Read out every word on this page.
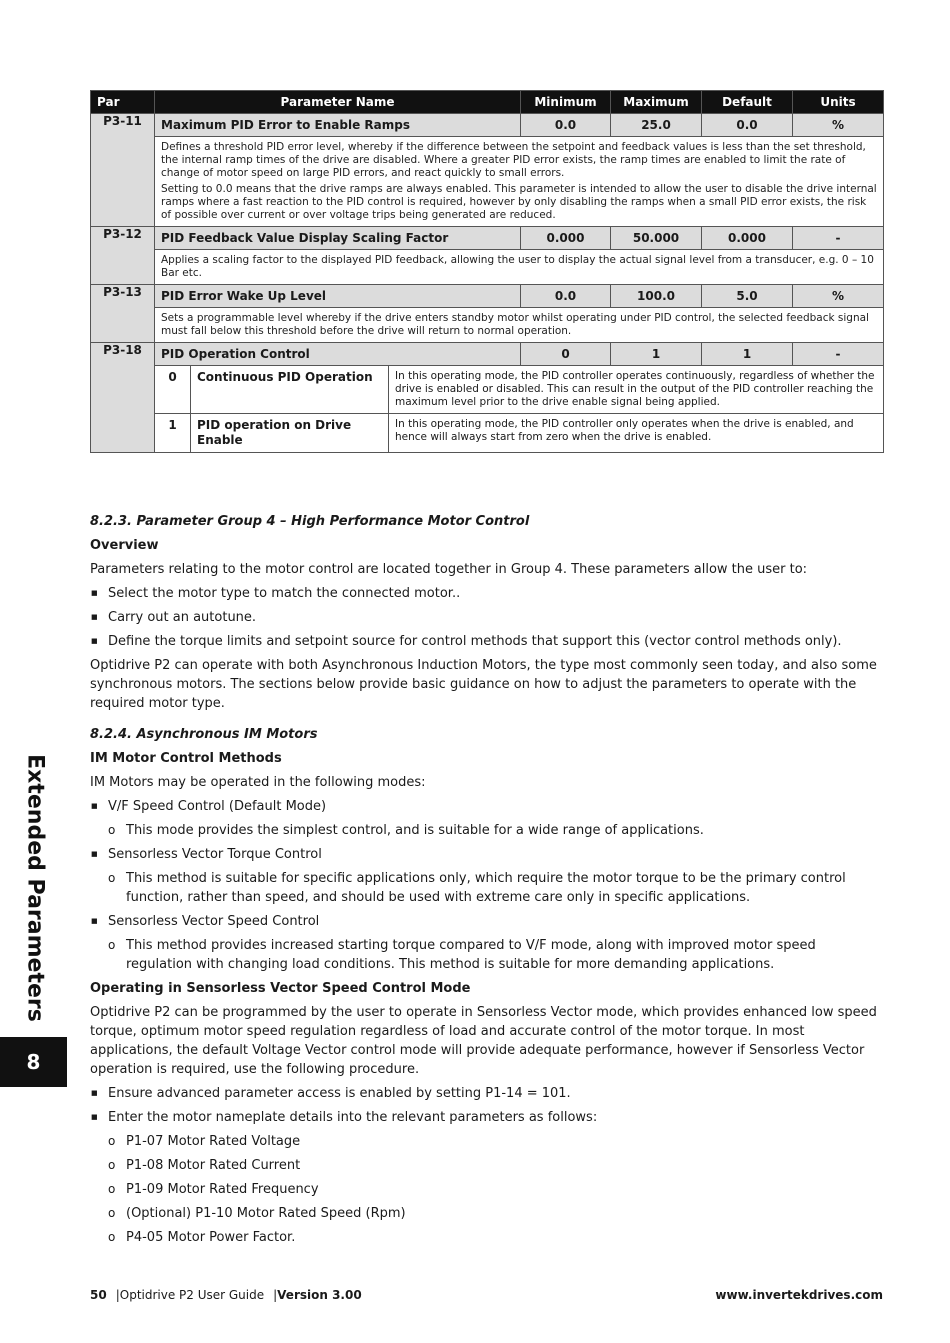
Par	Parameter Name			Minimum	Maximum	Default	Units
P3-11	Maximum PID Error to Enable Ramps			0.0	25.0	0.0	%

	Defines a threshold PID error level, whereby if the difference between the setpoint and feedback values is less than the set threshold, the internal ramp times of the drive are disabled. Where a greater PID error exists, the ramp times are enabled to limit the rate of change of motor speed on large PID errors, and react quickly to small errors.

Setting to 0.0 means that the drive ramps are always enabled. This parameter is intended to allow the user to disable the drive internal ramps where a fast reaction to the PID control is required, however by only disabling the ramps when a small PID error exists, the risk of possible over current or over voltage trips being generated are reduced.						

P3-12	PID Feedback Value Display Scaling Factor			0.000	50.000	0.000	-

	Applies a scaling factor to the displayed PID feedback, allowing the user to display the actual signal level from a transducer, e.g. 0 – 10 Bar etc.						

P3-13	PID Error Wake Up Level			0.0	100.0	5.0	%

	Sets a programmable level whereby if the drive enters standby motor whilst operating under PID control, the selected feedback signal must fall below this threshold before the drive will return to normal operation.						

P3-18	PID Operation Control			0	1	1	-
	0	Continuous PID Operation	In this operating mode, the PID controller operates continuously, regardless of whether the drive is enabled or disabled. This can result in the output of the PID controller reaching the maximum level prior to the drive enable signal being applied.				
	1	PID operation on Drive Enable	In this operating mode, the PID controller only operates when the drive is enabled, and hence will always start from zero when the drive is enabled.				
8.2.3. Parameter Group 4 – High Performance Motor Control
Overview

Parameters relating to the motor control are located together in Group 4. These parameters allow the user to:

■ Select the motor type to match the connected motor..
■ Carry out an autotune.
■ Define the torque limits and setpoint source for control methods that support this (vector control methods only).

Optidrive P2 can operate with both Asynchronous Induction Motors, the type most commonly seen today, and also some synchronous motors. The sections below provide basic guidance on how to adjust the parameters to operate with the required motor type.

8.2.4. Asynchronous IM Motors
IM Motor Control Methods

IM Motors may be operated in the following modes:

■ V/F Speed Control (Default Mode)
o This mode provides the simplest control, and is suitable for a wide range of applications.
■ Sensorless Vector Torque Control
o This method is suitable for specific applications only, which require the motor torque to be the primary control function, rather than speed, and should be used with extreme care only in specific applications.
■ Sensorless Vector Speed Control
o This method provides increased starting torque compared to V/F mode, along with improved motor speed regulation with changing load conditions. This method is suitable for more demanding applications.
Operating in Sensorless Vector Speed Control Mode

Optidrive P2 can be programmed by the user to operate in Sensorless Vector mode, which provides enhanced low speed torque, optimum motor speed regulation regardless of load and accurate control of the motor torque. In most applications, the default Voltage Vector control mode will provide adequate performance, however if Sensorless Vector operation is required, use the following procedure.

■ Ensure advanced parameter access is enabled by setting P1-14 = 101.
■ Enter the motor nameplate details into the relevant parameters as follows:
o P1-07 Motor Rated Voltage
o P1-08 Motor Rated Current
o P1-09 Motor Rated Frequency
o (Optional) P1-10 Motor Rated Speed (Rpm)
o P4-05 Motor Power Factor.
Extended Parameters
8
50 |Optidrive P2 User Guide |Version 3.00	www.invertekdrives.com
